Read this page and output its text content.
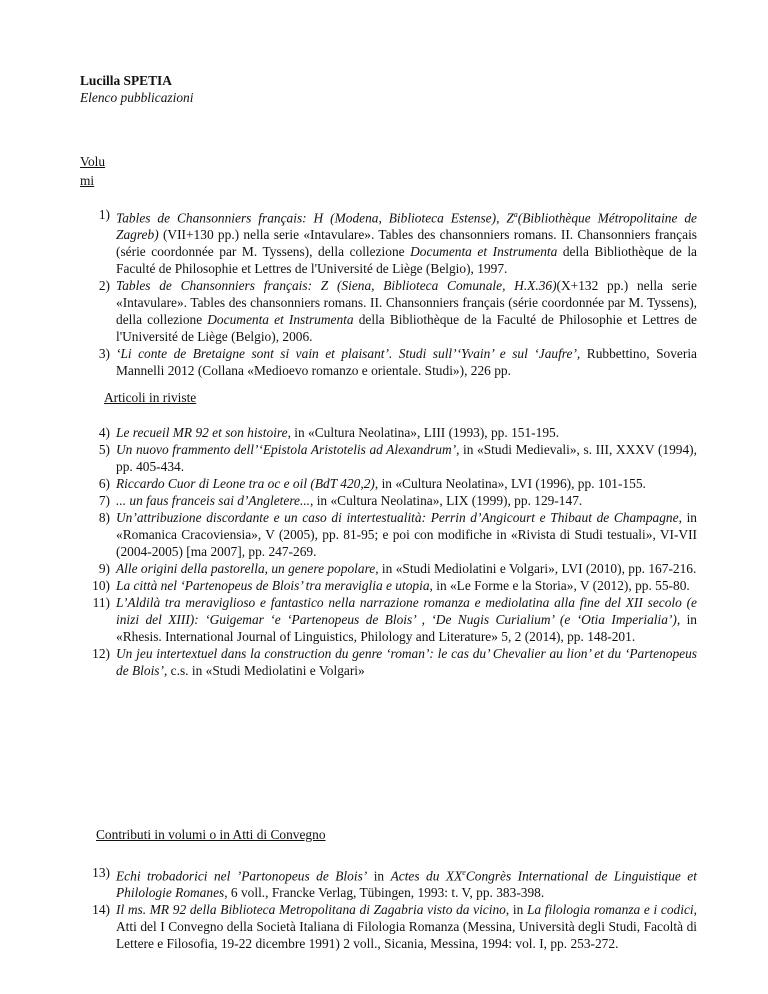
Lucilla SPETIA
Elenco pubblicazioni
Volu mi
1) Tables de Chansonniers français: H (Modena, Biblioteca Estense), $Z^a(Bibliothèque$ Métropolitaine de Zagreb) (VII+130 pp.) nella serie «Intavulare». Tables des chansonniers romans. II. Chansonniers français (série coordonnée par M. Tyssens), della collezione Documenta et Instrumenta della Bibliothèque de la Faculté de Philosophie et Lettres de l'Université de Liège (Belgio), 1997.
2) Tables de Chansonniers français: Z (Siena, Biblioteca Comunale, H.X.36)(X+132 pp.) nella serie «Intavulare». Tables des chansonniers romans. II. Chansonniers français (série coordonnée par M. Tyssens), della collezione Documenta et Instrumenta della Bibliothèque de la Faculté de Philosophie et Lettres de l'Université de Liège (Belgio), 2006.
3) ‘Li conte de Bretaigne sont si vain et plaisant’. Studi sull’‘Yvain’ e sul ‘Jaufre’, Rubbettino, Soveria Mannelli 2012 (Collana «Medioevo romanzo e orientale. Studi»), 226 pp.
Articoli in riviste
4) Le recueil MR 92 et son histoire, in «Cultura Neolatina», LIII (1993), pp. 151-195.
5) Un nuovo frammento dell’‘Epistola Aristotelis ad Alexandrum’, in «Studi Medievali», s. III, XXXV (1994), pp. 405-434.
6) Riccardo Cuor di Leone tra oc e oil (BdT 420,2), in «Cultura Neolatina», LVI (1996), pp. 101-155.
7) ... un faus franceis sai d’Angletere..., in «Cultura Neolatina», LIX (1999), pp. 129-147.
8) Un’attribuzione discordante e un caso di intertestualità: Perrin d’Angicourt e Thibaut de Champagne, in «Romanica Cracoviensia», V (2005), pp. 81-95; e poi con modifiche in «Rivista di Studi testuali», VI-VII (2004-2005) [ma 2007], pp. 247-269.
9) Alle origini della pastorella, un genere popolare, in «Studi Mediolatini e Volgari», LVI (2010), pp. 167-216.
10) La città nel ‘Partenopeus de Blois’ tra meraviglia e utopia, in «Le Forme e la Storia», V (2012), pp. 55-80.
11) L’Aldilà tra meraviglioso e fantastico nella narrazione romanza e mediolatina alla fine del XII secolo (e inizi del XIII): ‘Guigemar ‘e ‘Partenopeus de Blois’ , ‘De Nugis Curialium’ (e ‘Otia Imperialia’), in «Rhesis. International Journal of Linguistics, Philology and Literature» 5, 2 (2014), pp. 148-201.
12) Un jeu intertextuel dans la construction du genre ‘roman’: le cas du’ Chevalier au lion’ et du ‘Partenopeus de Blois’, c.s. in «Studi Mediolatini e Volgari»
Contributi in volumi o in Atti di Convegno
13) Echi trobadorici nel ’Partonopeus de Blois’ in Actes du XXeCongrès International de Linguistique et Philologie Romanes, 6 voll., Francke Verlag, Tübingen, 1993: t. V, pp. 383-398.
14) Il ms. MR 92 della Biblioteca Metropolitana di Zagabria visto da vicino, in La filologia romanza e i codici, Atti del I Convegno della Società Italiana di Filologia Romanza (Messina, Università degli Studi, Facoltà di Lettere e Filosofia, 19-22 dicembre 1991) 2 voll., Sicania, Messina, 1994: vol. I, pp. 253-272.
